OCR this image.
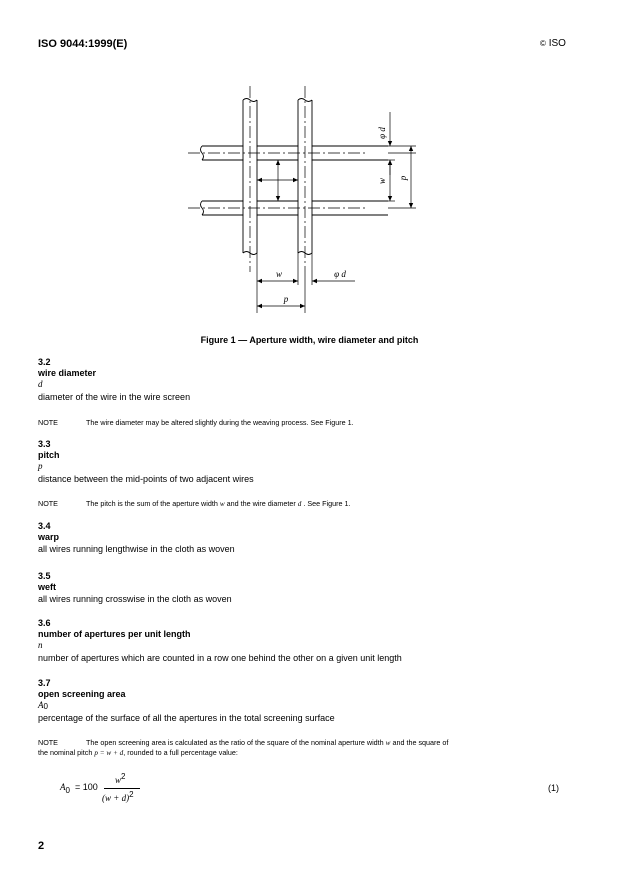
ISO 9044:1999(E)	© ISO
φ d
w p
w	φ d
p
Figure 1 — Aperture width, wire diameter and pitch
3.2
wire diameter
d
diameter of the wire in the wire screen
NOTE	The wire diameter may be altered slightly during the weaving process. See Figure 1.
3.3
pitch
p
distance between the mid-points of two adjacent wires
NOTE	The pitch is the sum of the aperture width w and the wire diameter d . See Figure 1.
3.4
warp
all wires running lengthwise in the cloth as woven
3.5
weft
all wires running crosswise in the cloth as woven
3.6
number of apertures per unit length
n
number of apertures which are counted in a row one behind the other on a given unit length
3.7
open screening area
$A_0$
percentage of the surface of all the apertures in the total screening surface
NOTE	The open screening area is calculated as the ratio of the square of the nominal aperture width w and the square of
the nominal pitch p = w + d, rounded to a full percentage value:
$A_0 = 100$
$w^2$
$(w + d)^2$
(1)
2
